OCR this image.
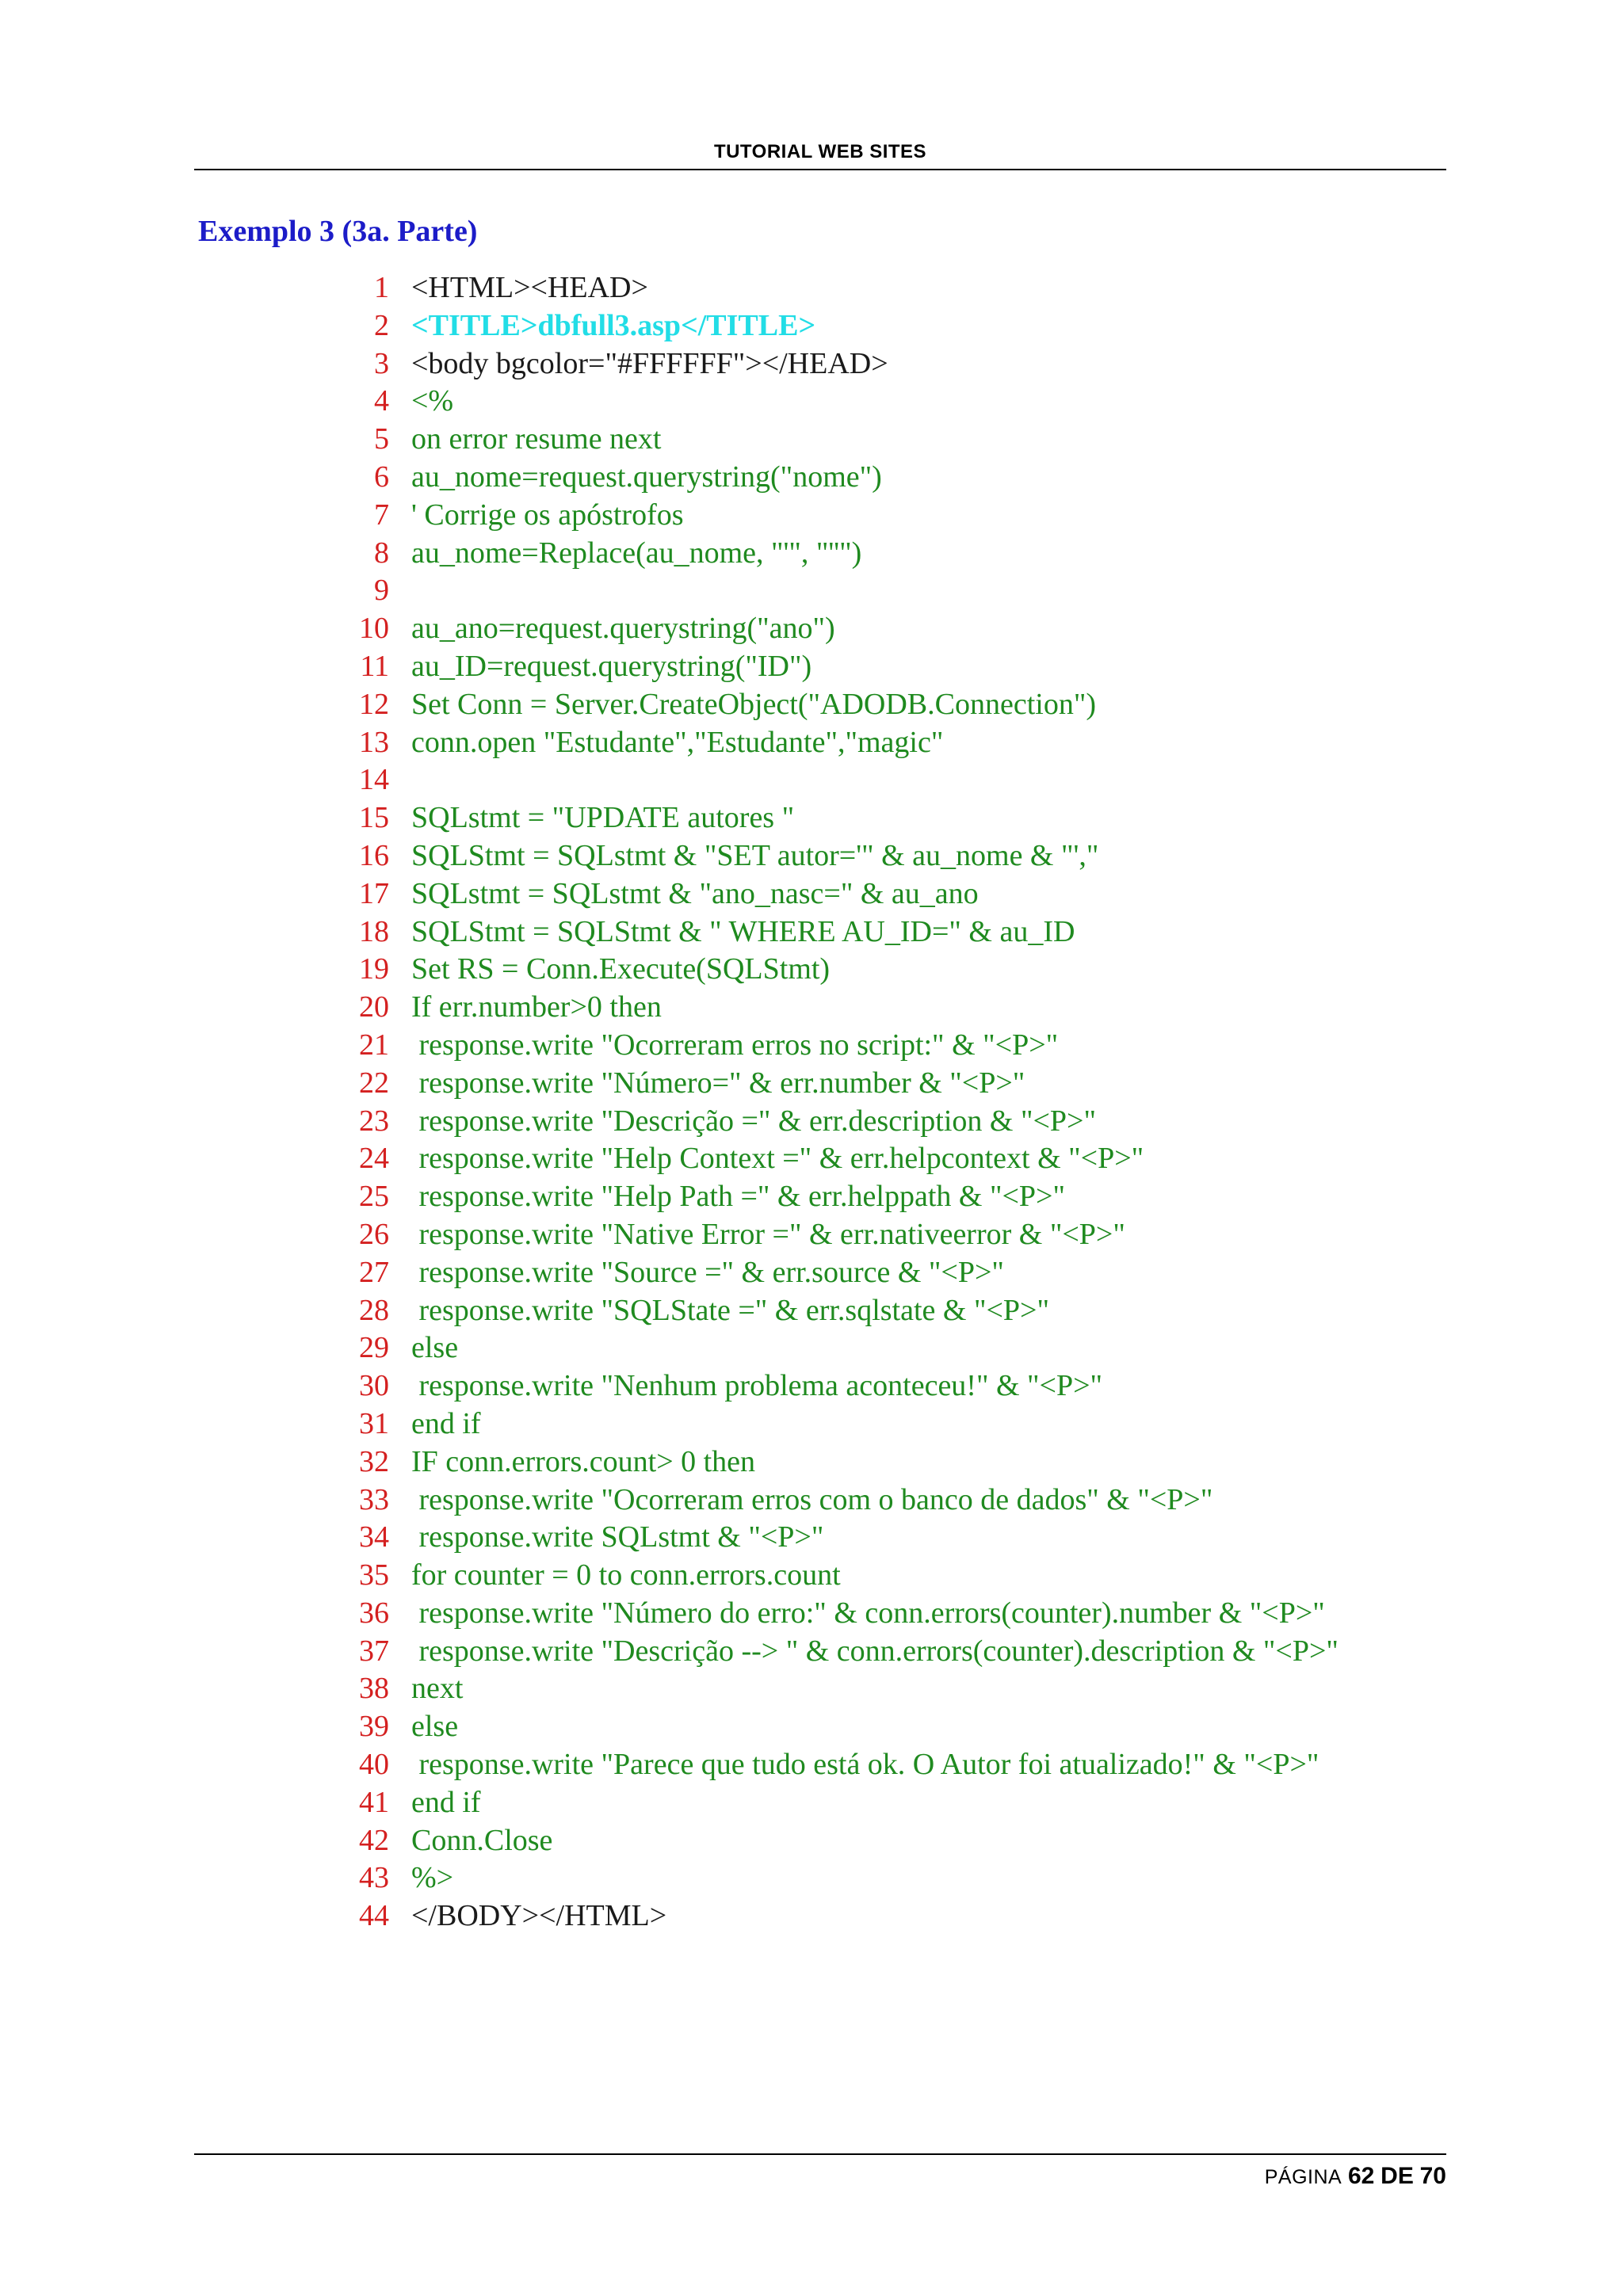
TUTORIAL WEB SITES
Exemplo 3 (3a. Parte)
1 <HTML><HEAD>
2 <TITLE>dbfull3.asp</TITLE>
3 <body bgcolor="#FFFFFF"></HEAD>
4 <%
5 on error resume next
6 au_nome=request.querystring("nome")
7 ' Corrige os apóstrofos
8 au_nome=Replace(au_nome, "'", "''")
9
10 au_ano=request.querystring("ano")
11 au_ID=request.querystring("ID")
12 Set Conn = Server.CreateObject("ADODB.Connection")
13 conn.open "Estudante","Estudante","magic"
14
15 SQLstmt = "UPDATE autores "
16 SQLStmt = SQLstmt & "SET autor='" & au_nome & "',"
17 SQLstmt = SQLstmt & "ano_nasc=" & au_ano
18 SQLStmt = SQLStmt & " WHERE AU_ID=" & au_ID
19 Set RS = Conn.Execute(SQLStmt)
20 If err.number>0 then
21 response.write "Ocorreram erros no script:" & "<P>"
22 response.write "Número=" & err.number & "<P>"
23 response.write "Descrição =" & err.description & "<P>"
24 response.write "Help Context =" & err.helpcontext & "<P>"
25 response.write "Help Path =" & err.helppath & "<P>"
26 response.write "Native Error =" & err.nativeerror & "<P>"
27 response.write "Source =" & err.source & "<P>"
28 response.write "SQLState =" & err.sqlstate & "<P>"
29 else
30 response.write "Nenhum problema aconteceu!" & "<P>"
31 end if
32 IF conn.errors.count> 0 then
33 response.write "Ocorreram erros com o banco de dados" & "<P>"
34 response.write SQLstmt & "<P>"
35 for counter = 0 to conn.errors.count
36 response.write "Número do erro:" & conn.errors(counter).number & "<P>"
37 response.write "Descrição --> " & conn.errors(counter).description & "<P>"
38 next
39 else
40 response.write "Parece que tudo está ok. O Autor foi atualizado!" & "<P>"
41 end if
42 Conn.Close
43 %>
44 </BODY></HTML>
PÁGINA 62 DE 70
